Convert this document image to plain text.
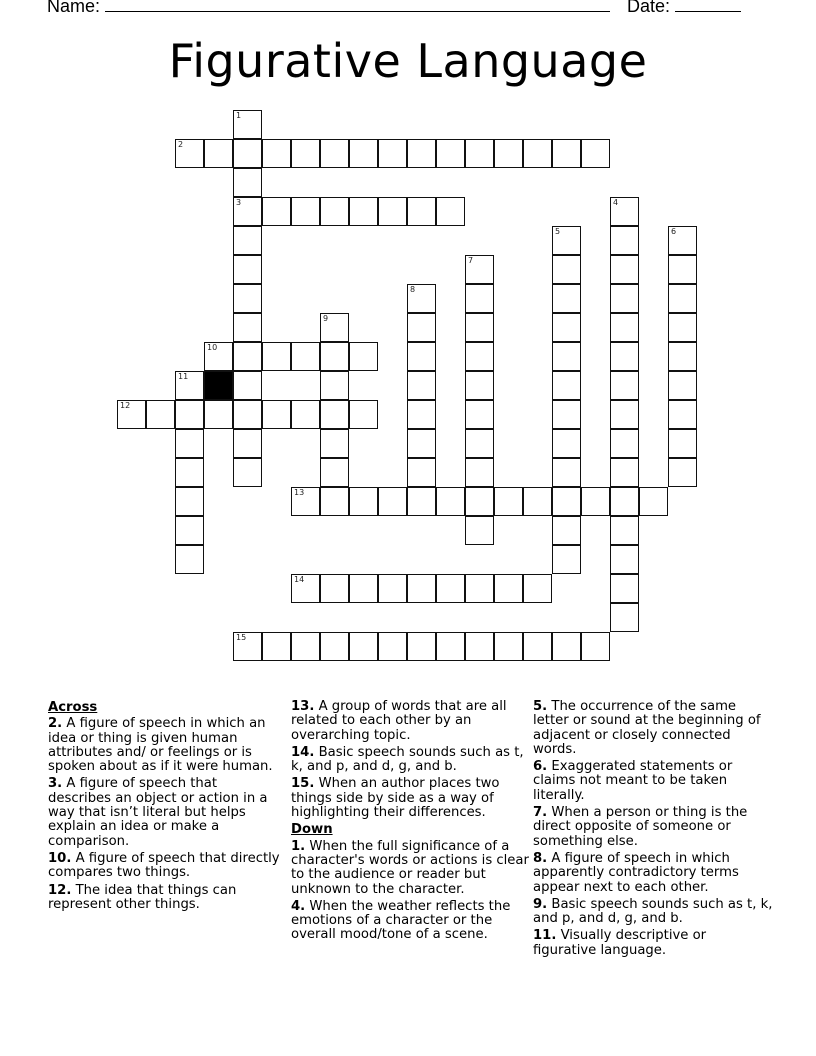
Name:	Date:
Figurative Language
1
3
2
4
5	6
7
8
9
10
11
12
13
14
15
Across
2. A figure of speech in which an idea or thing is given human attributes and/ or feelings or is spoken about as if it were human.
3. A figure of speech that describes an object or action in a way that isn’t literal but helps explain an idea or make a comparison.
10. A figure of speech that directly compares two things.
12. The idea that things can represent other things.
13. A group of words that are all related to each other by an overarching topic.
14. Basic speech sounds such as t, k, and p, and d, g, and b.
15. When an author places two things side by side as a way of highlighting their differences.
Down
1. When the full significance of a character's words or actions is clear to the audience or reader but unknown to the character.
4. When the weather reflects the emotions of a character or the overall mood/tone of a scene.
5. The occurrence of the same letter or sound at the beginning of adjacent or closely connected words.
6. Exaggerated statements or claims not meant to be taken literally.
7. When a person or thing is the direct opposite of someone or something else.
8. A figure of speech in which apparently contradictory terms appear next to each other.
9. Basic speech sounds such as t, k, and p, and d, g, and b.
11. Visually descriptive or figurative language.
